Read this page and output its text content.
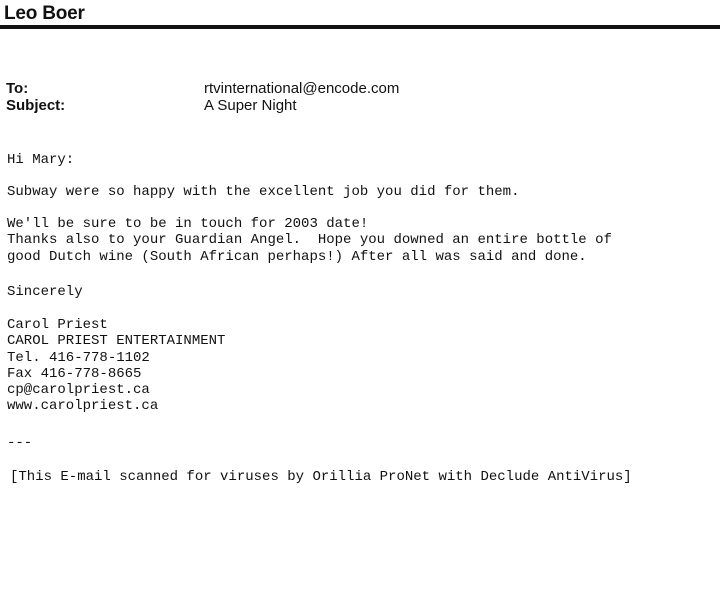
Leo Boer
To:	rtvinternational@encode.com
Subject:	A Super Night
Hi Mary:
Subway were so happy with the excellent job you did for them.
We'll be sure to be in touch for 2003 date!
Thanks also to your Guardian Angel.  Hope you downed an entire bottle of
good Dutch wine (South African perhaps!) After all was said and done.
Sincerely
Carol Priest
CAROL PRIEST ENTERTAINMENT
Tel. 416-778-1102
Fax 416-778-8665
cp@carolpriest.ca
www.carolpriest.ca
---
[This E-mail scanned for viruses by Orillia ProNet with Declude AntiVirus]
